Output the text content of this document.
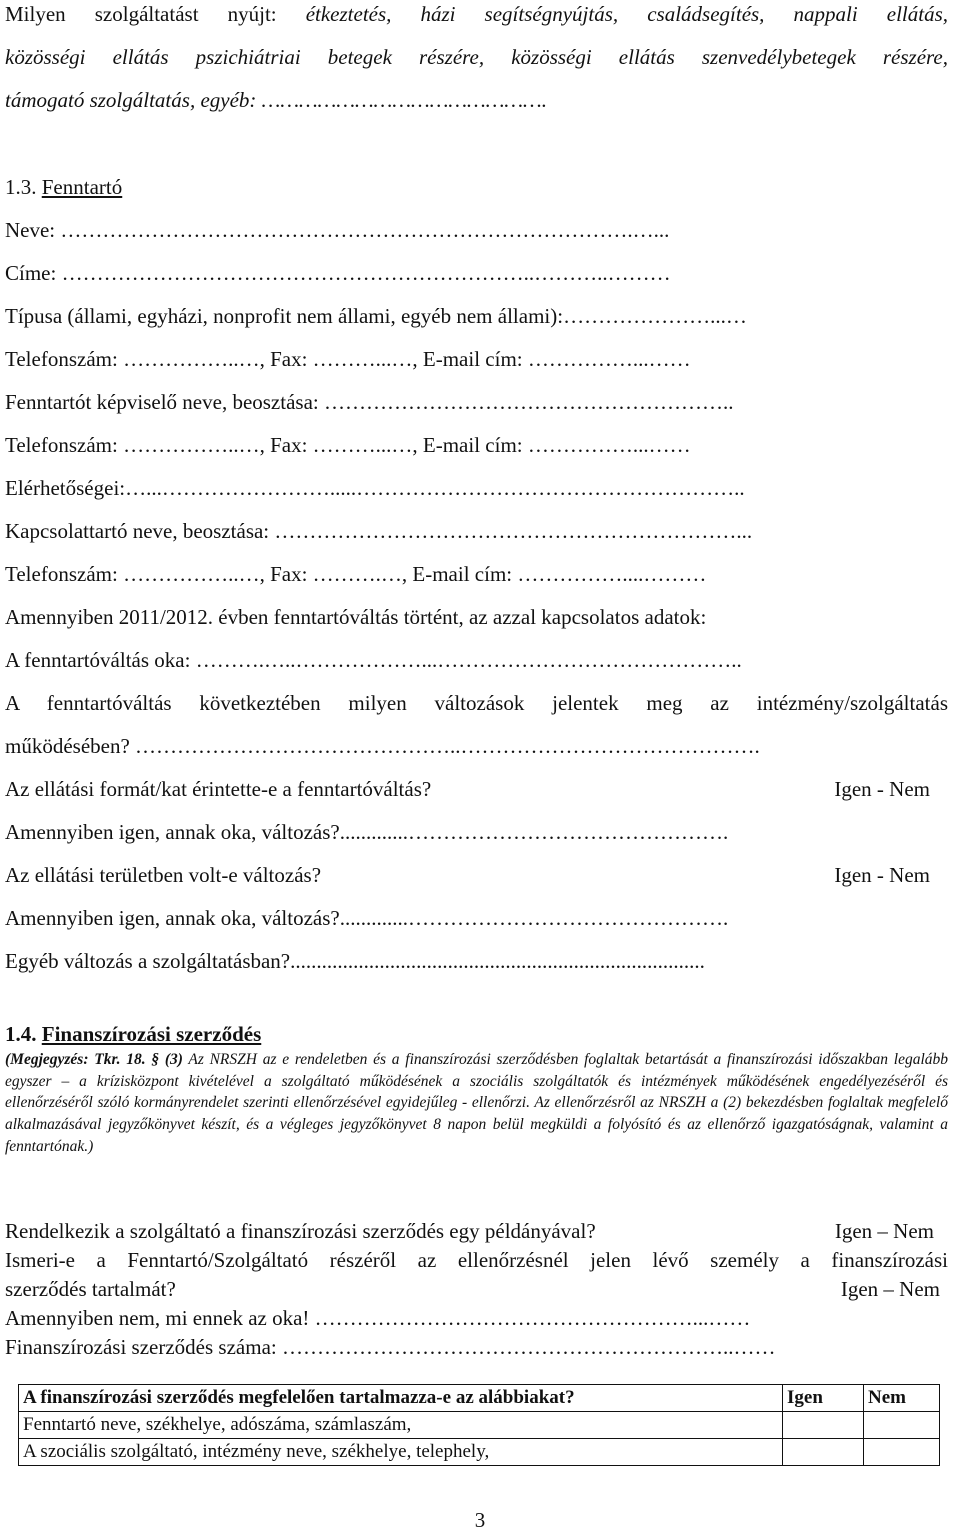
Milyen szolgáltatást nyújt: étkeztetés, házi segítségnyújtás, családsegítés, nappali ellátás,
közösségi ellátás pszichiátriai betegek részére, közösségi ellátás szenvedélybetegek részére,
támogató szolgáltatás, egyéb: ……………………………………….
1.3. Fenntartó
Neve: ……………………………………………………………………….…...
Címe: …………………………………………………………..………..………
Típusa (állami, egyházi, nonprofit nem állami, egyéb nem állami):…………………...…
Telefonszám: ……………..…, Fax: ………...…, E-mail cím: ……………...……
Fenntartót képviselő neve, beosztása: …………………………………………………..
Telefonszám: ……………..…, Fax: ………...…, E-mail cím: ……………...……
Elérhetőségei:…...…………………….....………………………………………………..
Kapcsolattartó neve, beosztása: …………………………………………………………...
Telefonszám: ……………..…, Fax: ……….…, E-mail cím: ……………....………
Amennyiben 2011/2012. évben fenntartóváltás történt, az azzal kapcsolatos adatok:
A fenntartóváltás oka: ……….…..………………...……………………………………..
A fenntartóváltás következtében milyen változások jelentek meg az intézmény/szolgáltatás
működésében? ………………………………………..…………………………………….
Az ellátási formát/kat érintette-e a fenntartóváltás?	Igen - Nem
Amennyiben igen, annak oka, változás?.............……………………………………….
Az ellátási területben volt-e változás?	Igen - Nem
Amennyiben igen, annak oka, változás?.............……………………………………….
Egyéb változás a szolgáltatásban?...............................................................................
1.4. Finanszírozási szerződés
(Megjegyzés: Tkr. 18. § (3) Az NRSZH az e rendeletben és a finanszírozási szerződésben foglaltak betartását a finanszírozási időszakban legalább egyszer – a krízisközpont kivételével a szolgáltató működésének a szociális szolgáltatók és intézmények működésének engedélyezéséről és ellenőrzéséről szóló kormányrendelet szerinti ellenőrzésével egyidejűleg - ellenőrzi. Az ellenőrzésről az NRSZH a (2) bekezdésben foglaltak megfelelő alkalmazásával jegyzőkönyvet készít, és a végleges jegyzőkönyvet 8 napon belül megküldi a folyósító és az ellenőrző igazgatóságnak, valamint a fenntartónak.)
Rendelkezik a szolgáltató a finanszírozási szerződés egy példányával?	Igen – Nem
Ismeri-e a Fenntartó/Szolgáltató részéről az ellenőrzésnél jelen lévő személy a finanszírozási
szerződés tartalmát?	Igen – Nem
Amennyiben nem, mi ennek az oka! ………………………………………………...……
Finanszírozási szerződés száma: ………………………………………………………..……
A finanszírozási szerződés megfelelően tartalmazza-e az alábbiakat?	Igen	Nem
Fenntartó neve, székhelye, adószáma, számlaszám,		
A szociális szolgáltató, intézmény neve, székhelye, telephely,		
3
